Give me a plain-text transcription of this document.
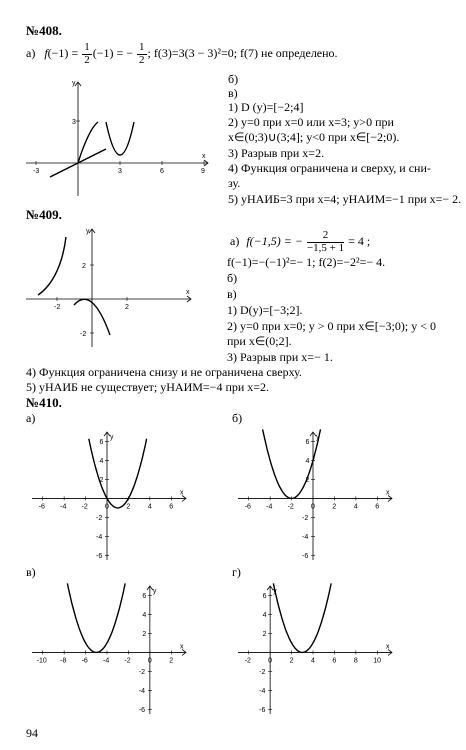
№408.
а) $f(-1) = \frac{1}{2} (-1)$ = − $\frac{1}{2}$ ; f(3)=3(3 − 3)²=0; f(7) не определено.
y
x
-3	3	6	9
3
б)
в)
1) D (y)=[−2;4]
2) y=0 при x=0 или x=3; y>0 при
x∈(0;3)∪(3;4]; y<0 при x∈[−2;0).
3) Разрыв при x=2.
4) Функция ограничена и сверху, и сни-
зу.
5) yНАИБ=3 при x=4; yНАИМ=−1 при x=− 2.
№409.
y
x
-2	2
2
-2
а) f(−1,5) = − $\frac{2}{-1,5 + 1} = 4$ ;
f(−1)=−(−1)²=− 1; f(2)=−2²=− 4.
б)
в)
1) D(y)=[−3;2].
2) y=0 при x=0; y > 0 при x∈[−3;0); y < 0
при x∈(0;2].
3) Разрыв при x=− 1.
4) Функция ограничена снизу и не ограничена сверху.
5) yНАИБ не существует; yНАИМ=−4 при x=2.
№410.
а)	б)
в)	г)
x
y
-6 -4 -2 0	2	4	6
6
4
2
-2
-4
-6
x
y
-6 -4 -2 0	2	4	6
6
4
2
-2
-4
-6
x
y
-10 -8 -6 -4 -2 0	2
6
4
2
-2
-4
-6
x
y
-2 0	2	4	6	8 10
6
4
2
-2
-4
-6
94
